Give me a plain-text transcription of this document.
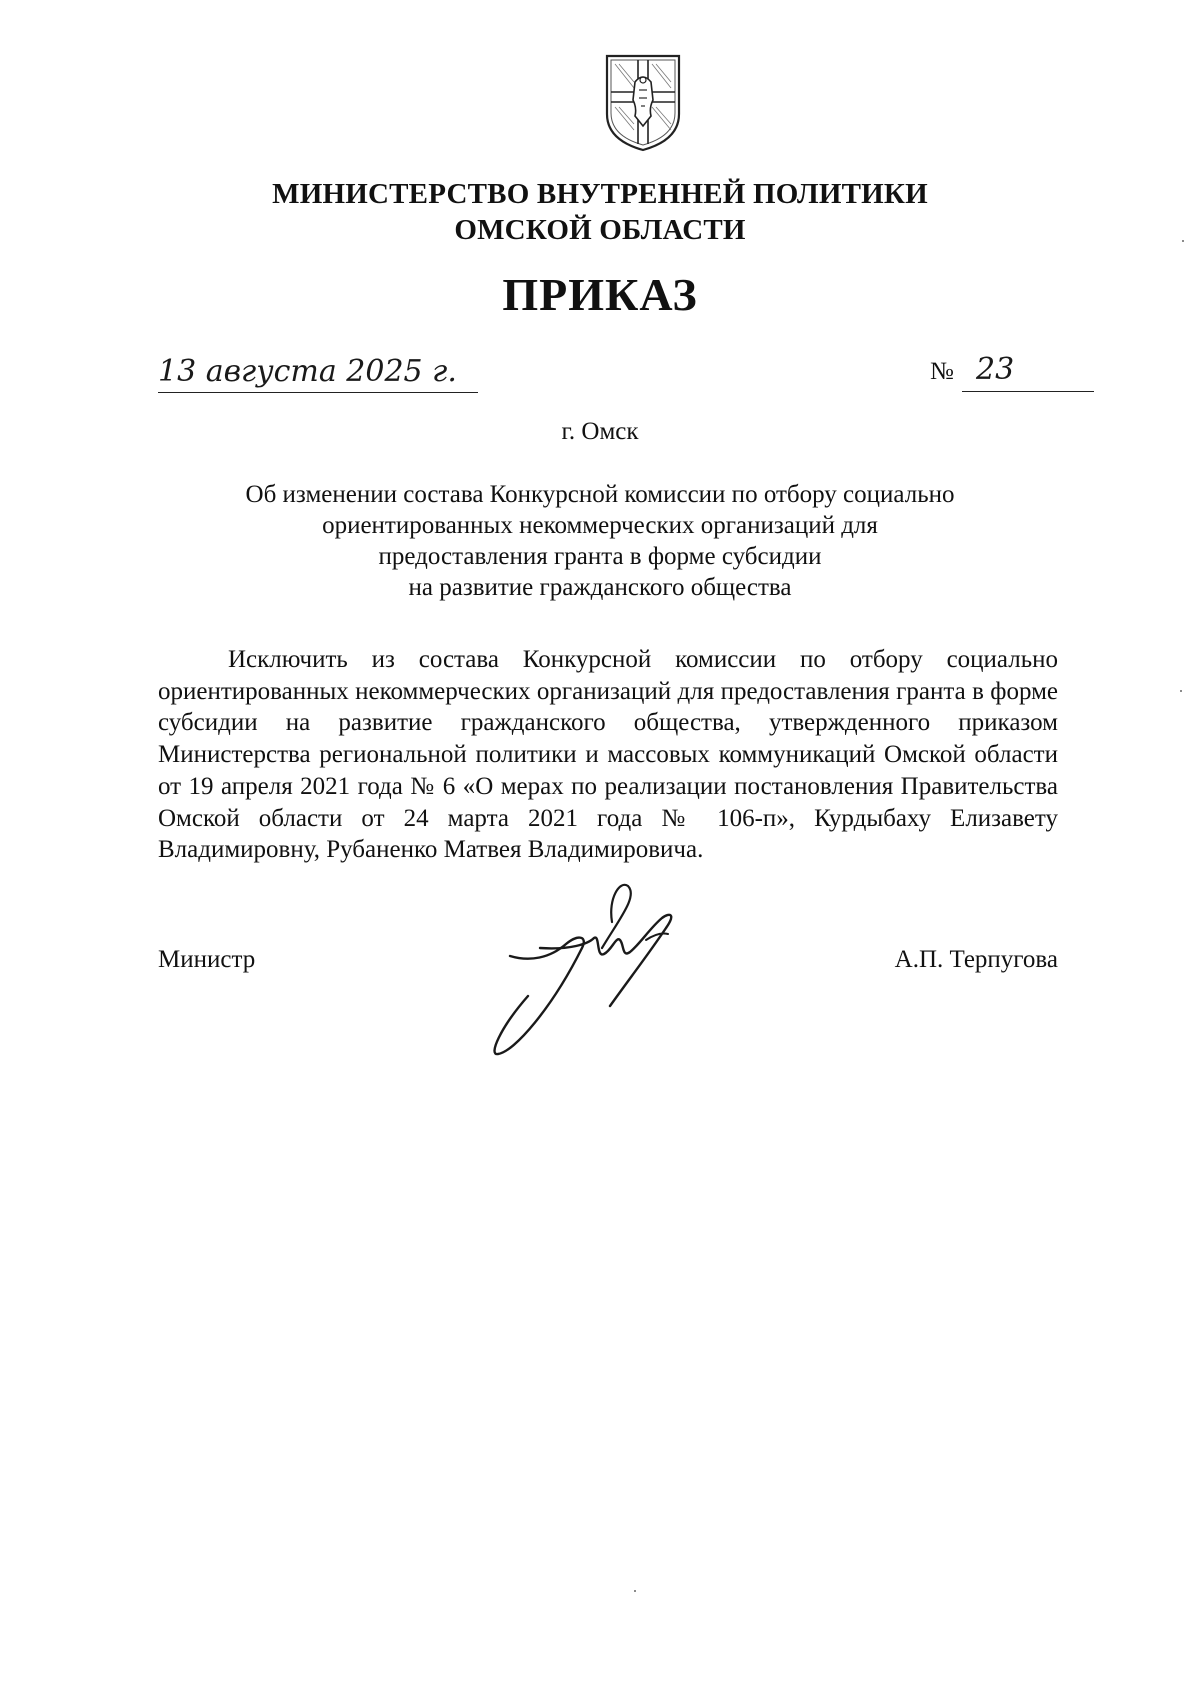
МИНИСТЕРСТВО ВНУТРЕННЕЙ ПОЛИТИКИ
ОМСКОЙ ОБЛАСТИ
ПРИКАЗ
13 августа 2025 г.	№ 23
г. Омск
Об изменении состава Конкурсной комиссии по отбору социально
ориентированных некоммерческих организаций для
предоставления гранта в форме субсидии
на развитие гражданского общества

Исключить из состава Конкурсной комиссии по отбору социально ориентированных некоммерческих организаций для предоставления гранта в форме субсидии на развитие гражданского общества, утвержденного приказом Министерства региональной политики и массовых коммуникаций Омской области от 19 апреля 2021 года № 6 «О мерах по реализации постановления Правительства Омской области от 24 марта 2021 года № 106-п», Курдыбаху Елизавету Владимировну, Рубаненко Матвея Владимировича.

Министр	А.П. Терпугова
